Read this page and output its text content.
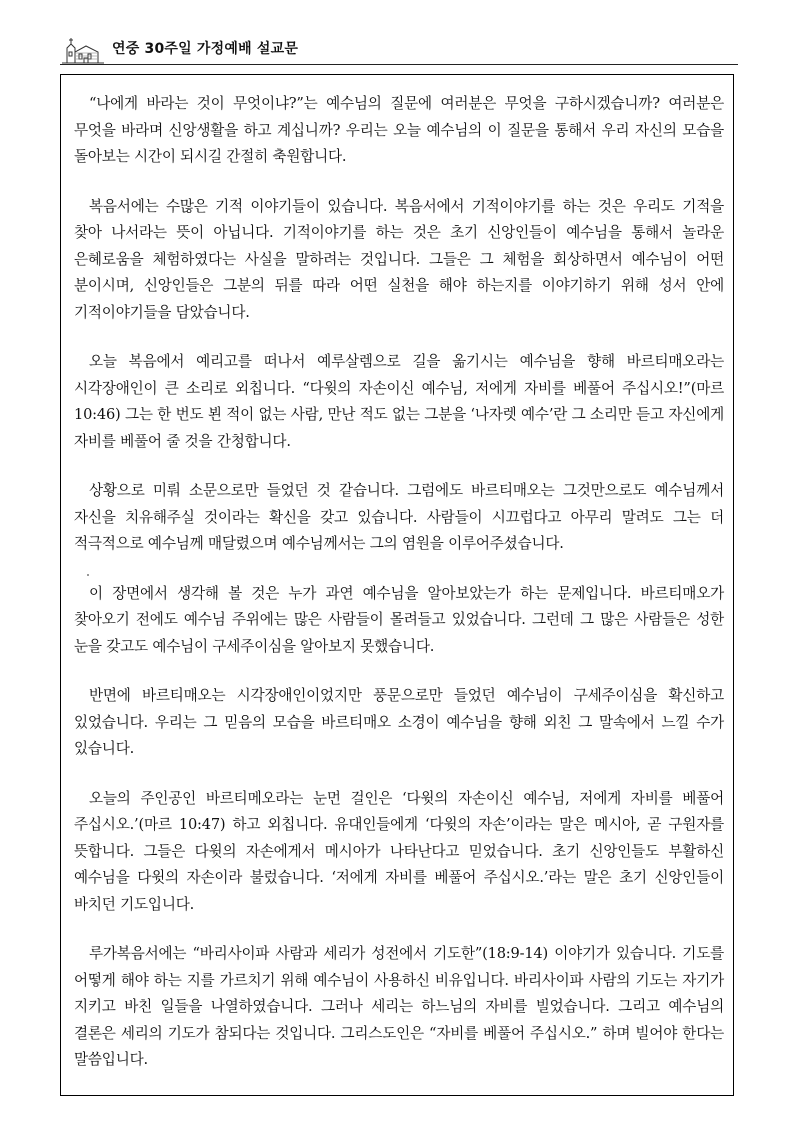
연중 30주일 가정예배 설교문

“나에게 바라는 것이 무엇이냐?”는 예수님의 질문에 여러분은 무엇을 구하시겠습니까? 여러분은 무엇을 바라며 신앙생활을 하고 계십니까? 우리는 오늘 예수님의 이 질문을 통해서 우리 자신의 모습을 돌아보는 시간이 되시길 간절히 축원합니다.

복음서에는 수많은 기적 이야기들이 있습니다. 복음서에서 기적이야기를 하는 것은 우리도 기적을 찾아 나서라는 뜻이 아닙니다. 기적이야기를 하는 것은 초기 신앙인들이 예수님을 통해서 놀라운 은혜로움을 체험하였다는 사실을 말하려는 것입니다. 그들은 그 체험을 회상하면서 예수님이 어떤 분이시며, 신앙인들은 그분의 뒤를 따라 어떤 실천을 해야 하는지를 이야기하기 위해 성서 안에 기적이야기들을 담았습니다.

오늘 복음에서 예리고를 떠나서 예루살렘으로 길을 옮기시는 예수님을 향해 바르티매오라는 시각장애인이 큰 소리로 외칩니다. “다윗의 자손이신 예수님, 저에게 자비를 베풀어 주십시오!”(마르 10:46) 그는 한 번도 뵌 적이 없는 사람, 만난 적도 없는 그분을 ‘나자렛 예수’란 그 소리만 듣고 자신에게 자비를 베풀어 줄 것을 간청합니다.

상황으로 미뤄 소문으로만 들었던 것 같습니다. 그럼에도 바르티매오는 그것만으로도 예수님께서 자신을 치유해주실 것이라는 확신을 갖고 있습니다. 사람들이 시끄럽다고 아무리 말려도 그는 더 적극적으로 예수님께 매달렸으며 예수님께서는 그의 염원을 이루어주셨습니다.

이 장면에서 생각해 볼 것은 누가 과연 예수님을 알아보았는가 하는 문제입니다. 바르티매오가 찾아오기 전에도 예수님 주위에는 많은 사람들이 몰려들고 있었습니다. 그런데 그 많은 사람들은 성한 눈을 갖고도 예수님이 구세주이심을 알아보지 못했습니다.

반면에 바르티매오는 시각장애인이었지만 풍문으로만 들었던 예수님이 구세주이심을 확신하고 있었습니다. 우리는 그 믿음의 모습을 바르티매오 소경이 예수님을 향해 외친 그 말속에서 느낄 수가 있습니다.

오늘의 주인공인 바르티메오라는 눈먼 걸인은 ‘다윗의 자손이신 예수님, 저에게 자비를 베풀어 주십시오.’(마르 10:47) 하고 외칩니다. 유대인들에게 ‘다윗의 자손’이라는 말은 메시아, 곧 구원자를 뜻합니다. 그들은 다윗의 자손에게서 메시아가 나타난다고 믿었습니다. 초기 신앙인들도 부활하신 예수님을 다윗의 자손이라 불렀습니다. ‘저에게 자비를 베풀어 주십시오.’라는 말은 초기 신앙인들이 바치던 기도입니다.

루가복음서에는 “바리사이파 사람과 세리가 성전에서 기도한”(18:9-14) 이야기가 있습니다. 기도를 어떻게 해야 하는 지를 가르치기 위해 예수님이 사용하신 비유입니다. 바리사이파 사람의 기도는 자기가 지키고 바친 일들을 나열하였습니다. 그러나 세리는 하느님의 자비를 빌었습니다. 그리고 예수님의 결론은 세리의 기도가 참되다는 것입니다. 그리스도인은 “자비를 베풀어 주십시오.” 하며 빌어야 한다는 말씀입니다.
